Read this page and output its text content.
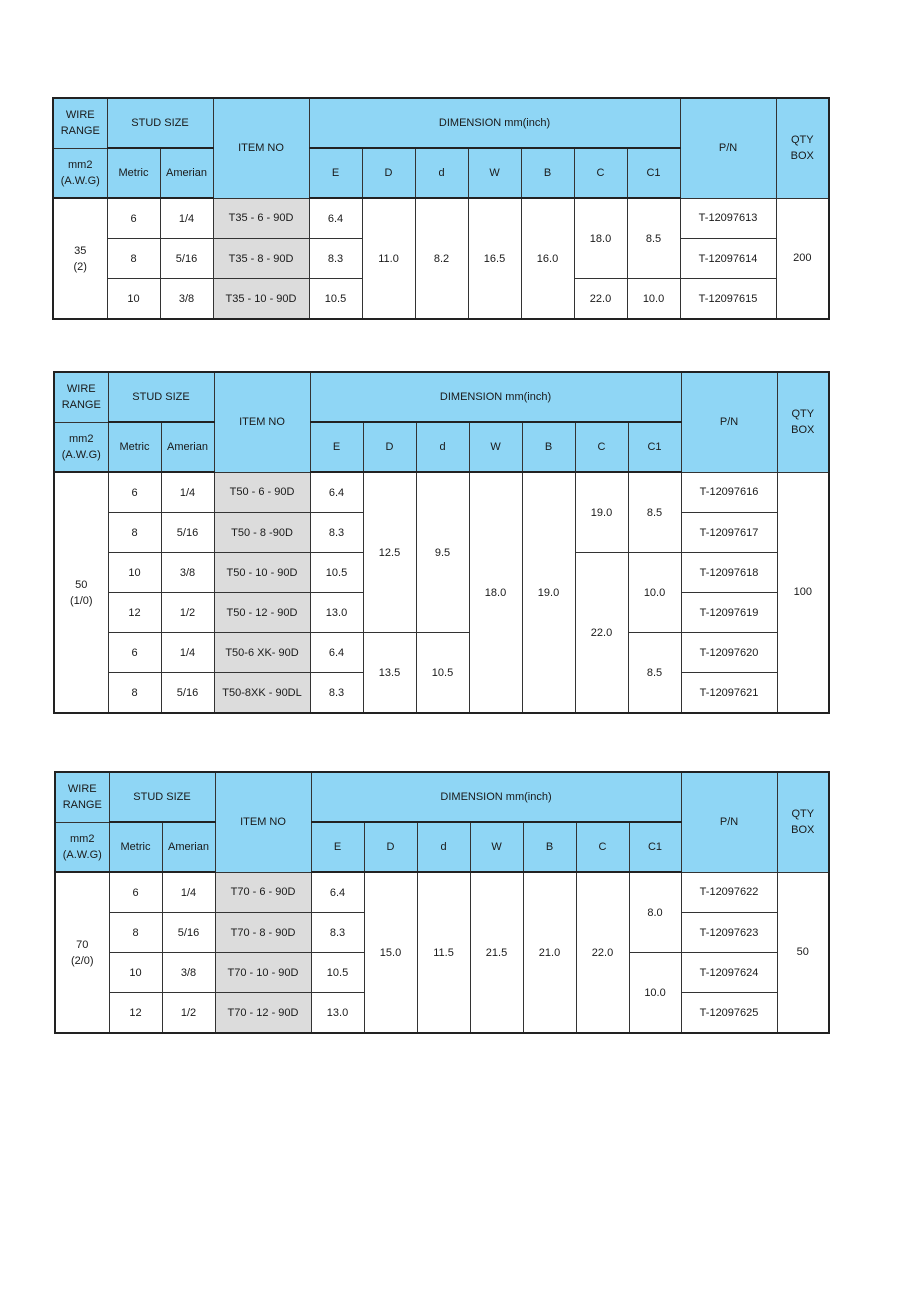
WIRE
RANGE	STUD SIZE		ITEM NO	DIMENSION mm(inch)							P/N	QTY
BOX

mm2
(A.W.G)	Metric	Amerian		E	D	d	W	B	C	C1		

35
(2)	6	1/4	T35 - 6 - 90D	6.4	11.0	8.2	16.5	16.0	18.0	8.5	T-12097613	200
	8	5/16	T35 - 8 - 90D	8.3							T-12097614	
	10	3/8	T35 - 10 - 90D	10.5					22.0	10.0	T-12097615	
WIRE
RANGE	STUD SIZE		ITEM NO	DIMENSION mm(inch)							P/N	QTY
BOX

mm2
(A.W.G)	Metric	Amerian		E	D	d	W	B	C	C1		

50
(1/0)	6	1/4	T50 - 6 - 90D	6.4	12.5	9.5	18.0	19.0	19.0	8.5	T-12097616	100
	8	5/16	T50 - 8 -90D	8.3							T-12097617	
	10	3/8	T50 - 10 - 90D	10.5					22.0	10.0	T-12097618	
	12	1/2	T50 - 12 - 90D	13.0							T-12097619	
	6	1/4	T50-6 XK- 90D	6.4	13.5	10.5				8.5	T-12097620	
	8	5/16	T50-8XK - 90DL	8.3							T-12097621	
WIRE
RANGE	STUD SIZE		ITEM NO	DIMENSION mm(inch)							P/N	QTY
BOX

mm2
(A.W.G)	Metric	Amerian		E	D	d	W	B	C	C1		

70
(2/0)	6	1/4	T70 - 6 - 90D	6.4	15.0	11.5	21.5	21.0	22.0	8.0	T-12097622	50
	8	5/16	T70 - 8 - 90D	8.3							T-12097623	
	10	3/8	T70 - 10 - 90D	10.5						10.0	T-12097624	
	12	1/2	T70 - 12 - 90D	13.0							T-12097625	
